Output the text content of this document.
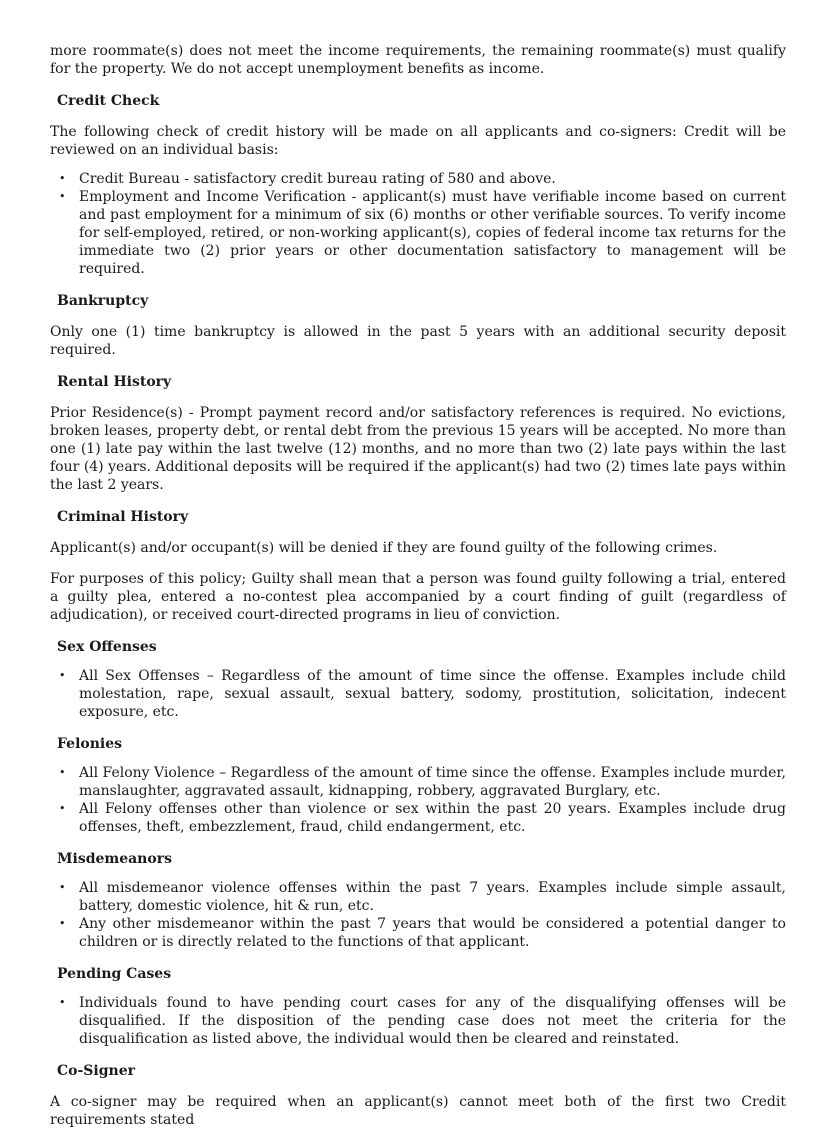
more roommate(s) does not meet the income requirements, the remaining roommate(s) must qualify for the property. We do not accept unemployment benefits as income.

Credit Check

The following check of credit history will be made on all applicants and co-signers: Credit will be reviewed on an individual basis:

• Credit Bureau - satisfactory credit bureau rating of 580 and above.
• Employment and Income Verification - applicant(s) must have verifiable income based on current and past employment for a minimum of six (6) months or other verifiable sources. To verify income for self-employed, retired, or non-working applicant(s), copies of federal income tax returns for the immediate two (2) prior years or other documentation satisfactory to management will be required.
Bankruptcy

Only one (1) time bankruptcy is allowed in the past 5 years with an additional security deposit required.

Rental History

Prior Residence(s) - Prompt payment record and/or satisfactory references is required. No evictions, broken leases, property debt, or rental debt from the previous 15 years will be accepted. No more than one (1) late pay within the last twelve (12) months, and no more than two (2) late pays within the last four (4) years. Additional deposits will be required if the applicant(s) had two (2) times late pays within the last 2 years.

Criminal History

Applicant(s) and/or occupant(s) will be denied if they are found guilty of the following crimes.

For purposes of this policy; Guilty shall mean that a person was found guilty following a trial, entered a guilty plea, entered a no-contest plea accompanied by a court finding of guilt (regardless of adjudication), or received court-directed programs in lieu of conviction.

Sex Offenses
• All Sex Offenses – Regardless of the amount of time since the offense. Examples include child molestation, rape, sexual assault, sexual battery, sodomy, prostitution, solicitation, indecent exposure, etc.
Felonies
• All Felony Violence – Regardless of the amount of time since the offense. Examples include murder, manslaughter, aggravated assault, kidnapping, robbery, aggravated Burglary, etc.
• All Felony offenses other than violence or sex within the past 20 years. Examples include drug offenses, theft, embezzlement, fraud, child endangerment, etc.
Misdemeanors
• All misdemeanor violence offenses within the past 7 years. Examples include simple assault, battery, domestic violence, hit & run, etc.
• Any other misdemeanor within the past 7 years that would be considered a potential danger to children or is directly related to the functions of that applicant.
Pending Cases
• Individuals found to have pending court cases for any of the disqualifying offenses will be disqualified. If the disposition of the pending case does not meet the criteria for the disqualification as listed above, the individual would then be cleared and reinstated.
Co-Signer

A co-signer may be required when an applicant(s) cannot meet both of the first two Credit requirements stated
